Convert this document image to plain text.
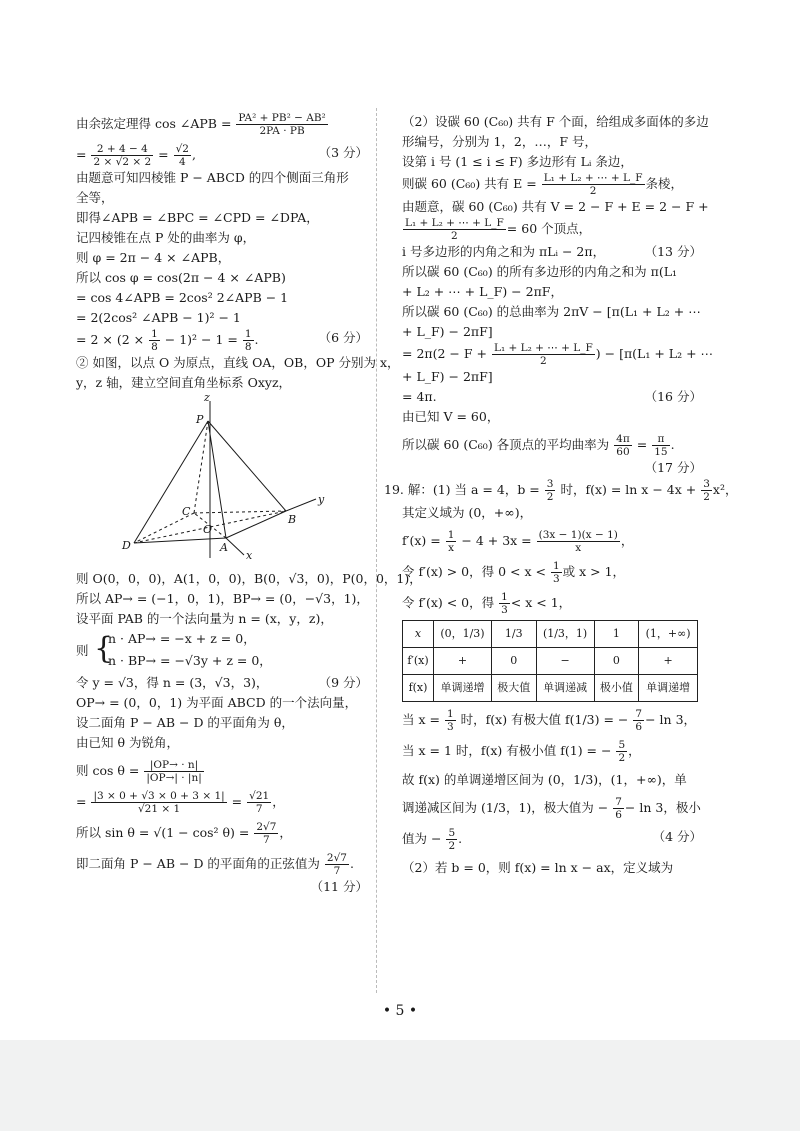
由余弦定理得 cos ∠APB = $\frac{\text{PA² + PB² − AB²}}{2PA \cdot PB}$
= $\frac{2 + 4 - 4}{2 \times √2 \times 2} = \frac{√2}{4}$ ,	（3 分）
由题意可知四棱锥 P − ABCD 的四个侧面三角形
全等，
即得∠APB = ∠BPC = ∠CPD = ∠DPA，
记四棱锥在点 P 处的曲率为 φ，
则 φ = 2π − 4 × ∠APB，
所以 cos φ = cos(2π − 4 × ∠APB)
= cos 4∠APB = 2cos² 2∠APB − 1
= 2(2cos² ∠APB − 1)² − 1
= $2 \times (2 \times \frac{1}{8} - 1)^2 - 1 = \frac{1}{8}$ .	（6 分）
② 如图，以点 O 为原点，直线 OA，OB，OP 分别为 x，
y，z 轴，建立空间直角坐标系 Oxyz，
z
P
C
O
y
B
D	A
x
则 O(0，0，0)，A(1，0，0)，B(0，√3，0)，P(0，0，1)，
所以 AP→ = (−1，0，1)，BP→ = (0，−√3，1)，
设平面 PAB 的一个法向量为 n = (x，y，z)，
则 {
n · AP→ = −x + z = 0，
n · BP→ = −√3y + z = 0，
令 y = √3，得 n = (3，√3，3)，	（9 分）
OP→ = (0，0，1) 为平面 ABCD 的一个法向量，
设二面角 P − AB − D 的平面角为 θ，
由已知 θ 为锐角，
则 $\cos \theta = \frac{|OP\to \cdot n|}{|OP\to| \cdot |n|}$
= $\frac{|3 \times 0 + √3 \times 0 + 3 \times 1|}{√21 \times 1} = \frac{√21}{7}$ ，
所以 sin θ = √(1 − cos² $\theta) = \frac{2√7}{7}$ ，
即二面角 P − AB − D 的平面角的正弦值为 $\frac{2√7}{7}$ .
（11 分）
（2）设碳 60 (C₆₀) 共有 F 个面，给组成多面体的多边
形编号，分别为 1，2，…，F 号，
设第 i 号 (1 ≤ i ≤ F) 多边形有 Lᵢ 条边，
则碳 60 (C₆₀) 共有 $E = \frac{\text{L₁ + L₂ + ⋯ + L\_F}}{2}$ 条棱，
由题意，碳 60 (C₆₀) 共有 V = 2 − F + E = 2 − F +
$\frac{\text{L₁ + L₂ + ⋯ + L\_F}}{2} = 60$ 个顶点，
i 号多边形的内角之和为 πLᵢ − 2π，	（13 分）
所以碳 60 (C₆₀) 的所有多边形的内角之和为 π(L₁
+ L₂ + ⋯ + L_F) − 2πF，
所以碳 60 (C₆₀) 的总曲率为 2πV − [π(L₁ + L₂ + ⋯
+ L_F) − 2πF]
= $2\pi(2 - F + \frac{\text{L₁ + L₂ + ⋯ + L\_F}}{2}$ ) − [π(L₁ + L₂ + ⋯
+ L_F) − 2πF]
= 4π.	（16 分）
由已知 V = 60，
所以碳 60 (C₆₀) 各顶点的平均曲率为 $\frac{4\pi}{60} = \frac{\pi}{15}$ .
（17 分）
19. 解：(1) 当 a = 4，$b = \frac{3}{2}$ 时，$f(x) = \ln x - 4x + \frac{3}{2} x^2$，
其定义域为 (0，+∞)，
$f'(x) = \frac{1}{x} - 4 + 3x = \frac{(3x - 1)(x - 1)}{x}$ ，
令 f′(x) > 0，得 $0 < x < \frac{1}{3}$ 或 x > 1，
令 f′(x) < 0，得 $\frac{1}{3} < x < 1$，
x	(0，1/3)	1/3	(1/3，1)	1	(1，+∞)
f′(x)	+	0	−	0	+
f(x)	单调递增	极大值	单调递减	极小值	单调递增
当 $x = \frac{1}{3}$ 时，f(x) 有极大值 f(1/3) = − $\frac{7}{6} - \ln 3$，
当 x = 1 时，f(x) 有极小值 f(1) = − $\frac{5}{2}$ ，
故 f(x) 的单调递增区间为 (0，1/3)，(1，+∞)，单
调递减区间为 (1/3，1)，极大值为 − $\frac{7}{6} - \ln 3$，极小
值为 − $\frac{5}{2}$ .	（4 分）
（2）若 b = 0，则 f(x) = ln x − ax，定义域为
• 5 •
